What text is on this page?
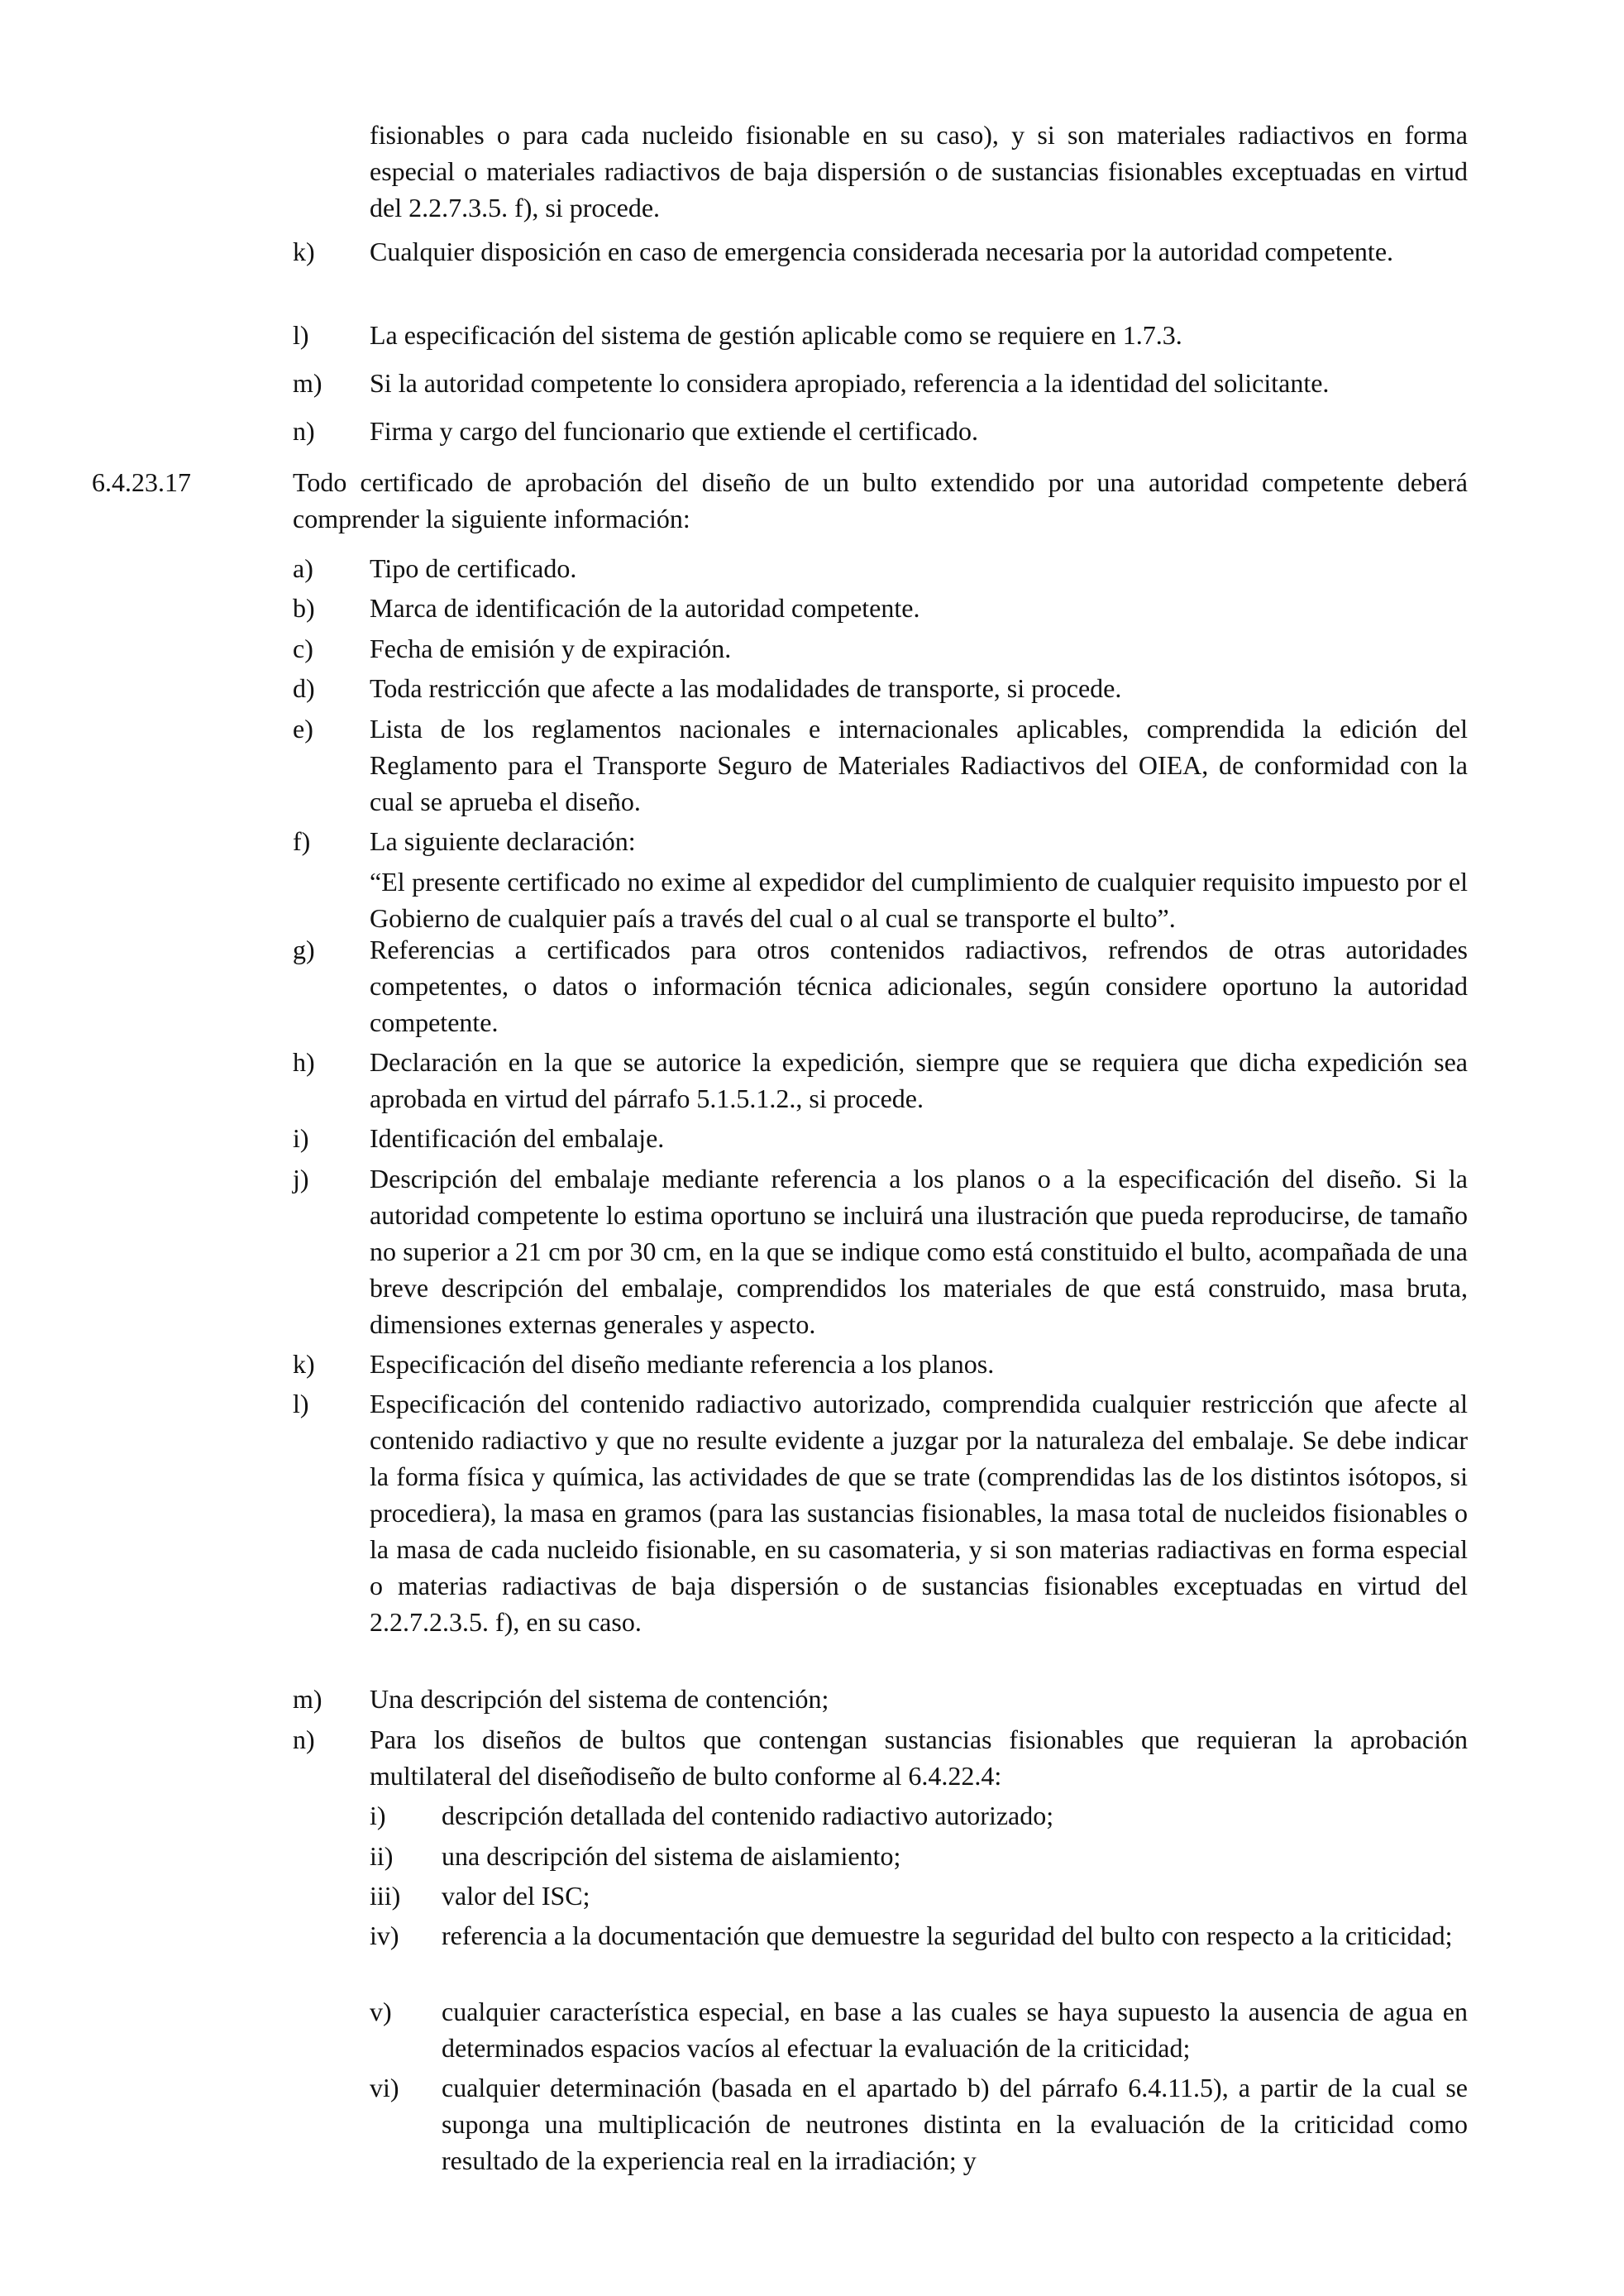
fisionables o para cada nucleido fisionable en su caso), y si son materiales radiactivos en forma especial o materiales radiactivos de baja dispersión o de sustancias fisionables exceptuadas en virtud del 2.2.7.3.5. f), si procede.

k) Cualquier disposición en caso de emergencia considerada necesaria por la autoridad competente.

l) La especificación del sistema de gestión aplicable como se requiere en 1.7.3.

m) Si la autoridad competente lo considera apropiado, referencia a la identidad del solicitante.

n) Firma y cargo del funcionario que extiende el certificado.

6.4.23.17	Todo certificado de aprobación del diseño de un bulto extendido por una autoridad competente deberá comprender la siguiente información:

a) Tipo de certificado.

b) Marca de identificación de la autoridad competente.

c) Fecha de emisión y de expiración.

d) Toda restricción que afecte a las modalidades de transporte, si procede.

e) Lista de los reglamentos nacionales e internacionales aplicables, comprendida la edición del Reglamento para el Transporte Seguro de Materiales Radiactivos del OIEA, de conformidad con la cual se aprueba el diseño.

f) La siguiente declaración:

“El presente certificado no exime al expedidor del cumplimiento de cualquier requisito impuesto por el Gobierno de cualquier país a través del cual o al cual se transporte el bulto”.

g) Referencias a certificados para otros contenidos radiactivos, refrendos de otras autoridades competentes, o datos o información técnica adicionales, según considere oportuno la autoridad competente.

h) Declaración en la que se autorice la expedición, siempre que se requiera que dicha expedición sea aprobada en virtud del párrafo 5.1.5.1.2., si procede.

i) Identificación del embalaje.

j) Descripción del embalaje mediante referencia a los planos o a la especificación del diseño. Si la autoridad competente lo estima oportuno se incluirá una ilustración que pueda reproducirse, de tamaño no superior a 21 cm por 30 cm, en la que se indique como está constituido el bulto, acompañada de una breve descripción del embalaje, comprendidos los materiales de que está construido, masa bruta, dimensiones externas generales y aspecto.

k) Especificación del diseño mediante referencia a los planos.

l) Especificación del contenido radiactivo autorizado, comprendida cualquier restricción que afecte al contenido radiactivo y que no resulte evidente a juzgar por la naturaleza del embalaje. Se debe indicar la forma física y química, las actividades de que se trate (comprendidas las de los distintos isótopos, si procediera), la masa en gramos (para las sustancias fisionables, la masa total de nucleidos fisionables o la masa de cada nucleido fisionable, en su casomateria, y si son materias radiactivas en forma especial o materias radiactivas de baja dispersión o de sustancias fisionables exceptuadas en virtud del 2.2.7.2.3.5. f), en su caso.

m) Una descripción del sistema de contención;

n) Para los diseños de bultos que contengan sustancias fisionables que requieran la aprobación multilateral del diseñodiseño de bulto conforme al 6.4.22.4:

i) descripción detallada del contenido radiactivo autorizado;

ii) una descripción del sistema de aislamiento;

iii) valor del ISC;

iv) referencia a la documentación que demuestre la seguridad del bulto con respecto a la criticidad;

v) cualquier característica especial, en base a las cuales se haya supuesto la ausencia de agua en determinados espacios vacíos al efectuar la evaluación de la criticidad;

vi) cualquier determinación (basada en el apartado b) del párrafo 6.4.11.5), a partir de la cual se suponga una multiplicación de neutrones distinta en la evaluación de la criticidad como resultado de la experiencia real en la irradiación; y
